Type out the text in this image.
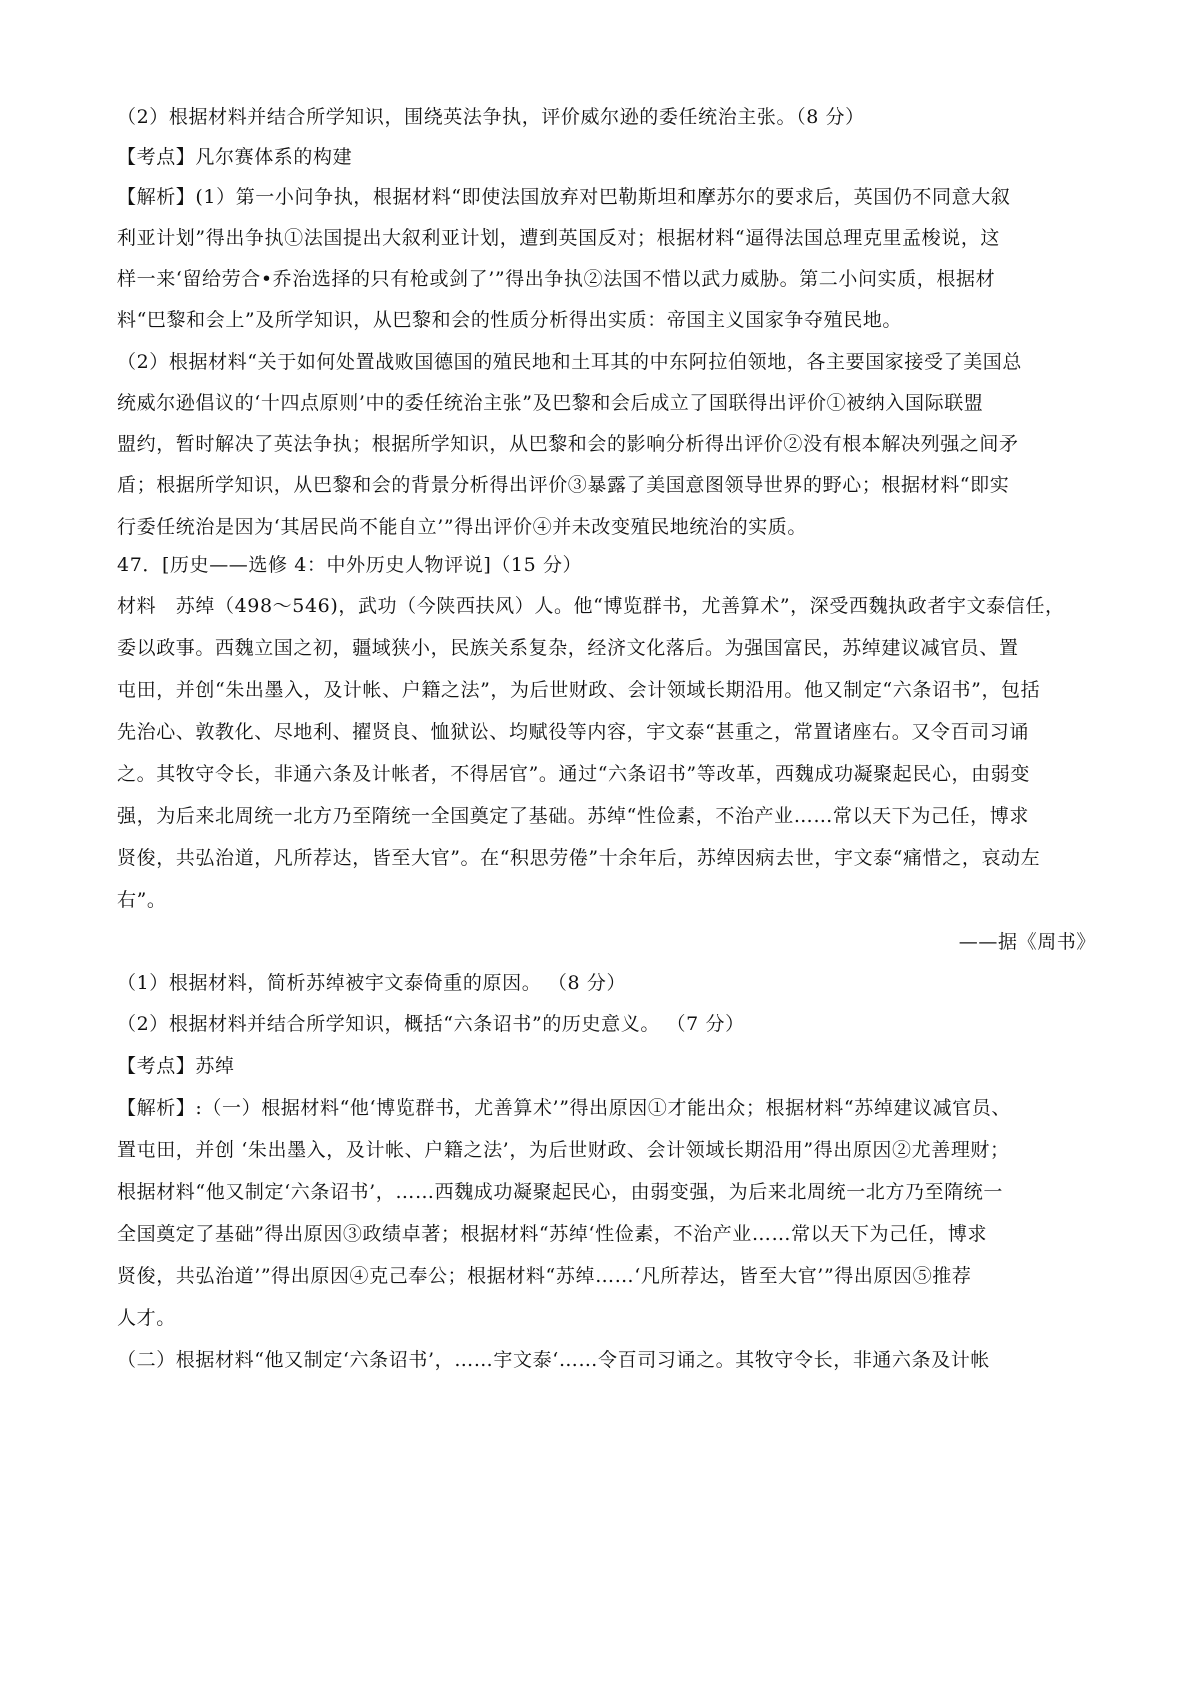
（2）根据材料并结合所学知识，围绕英法争执，评价威尔逊的委任统治主张。（8 分）
【考点】凡尔赛体系的构建
【解析】(1）第一小问争执，根据材料“即使法国放弃对巴勒斯坦和摩苏尔的要求后，英国仍不同意大叙
利亚计划”得出争执①法国提出大叙利亚计划，遭到英国反对；根据材料“逼得法国总理克里孟梭说，这
样一来‘留给劳合•乔治选择的只有枪或剑了’”得出争执②法国不惜以武力威胁。第二小问实质，根据材
料“巴黎和会上”及所学知识，从巴黎和会的性质分析得出实质：帝国主义国家争夺殖民地。
（2）根据材料“关于如何处置战败国德国的殖民地和土耳其的中东阿拉伯领地，各主要国家接受了美国总
统威尔逊倡议的‘十四点原则’中的委任统治主张”及巴黎和会后成立了国联得出评价①被纳入国际联盟
盟约，暂时解决了英法争执；根据所学知识，从巴黎和会的影响分析得出评价②没有根本解决列强之间矛
盾；根据所学知识，从巴黎和会的背景分析得出评价③暴露了美国意图领导世界的野心；根据材料“即实
行委任统治是因为‘其居民尚不能自立’”得出评价④并未改变殖民地统治的实质。
47．[历史——选修 4：中外历史人物评说]（15 分）
材料　苏绰（498～546)，武功（今陕西扶风）人。他“博览群书，尤善算术”，深受西魏执政者宇文泰信任，
委以政事。西魏立国之初，疆域狭小，民族关系复杂，经济文化落后。为强国富民，苏绰建议减官员、置
屯田，并创“朱出墨入，及计帐、户籍之法”，为后世财政、会计领域长期沿用。他又制定“六条诏书”，包括
先治心、敦教化、尽地利、擢贤良、恤狱讼、均赋役等内容，宇文泰“甚重之，常置诸座右。又令百司习诵
之。其牧守令长，非通六条及计帐者，不得居官”。通过“六条诏书”等改革，西魏成功凝聚起民心，由弱变
强，为后来北周统一北方乃至隋统一全国奠定了基础。苏绰“性俭素，不治产业……常以天下为己任，博求
贤俊，共弘治道，凡所荐达，皆至大官”。在“积思劳倦”十余年后，苏绰因病去世，宇文泰“痛惜之，哀动左
右”。
——据《周书》
（1）根据材料，简析苏绰被宇文泰倚重的原因。 （8 分）
（2）根据材料并结合所学知识，概括“六条诏书”的历史意义。 （7 分）
【考点】苏绰
【解析】:（一）根据材料“他‘博览群书，尤善算术’”得出原因①才能出众；根据材料“苏绰建议减官员、
置屯田，并创 ‘朱出墨入，及计帐、户籍之法’，为后世财政、会计领域长期沿用”得出原因②尤善理财；
根据材料“他又制定‘六条诏书’，……西魏成功凝聚起民心，由弱变强，为后来北周统一北方乃至隋统一
全国奠定了基础”得出原因③政绩卓著；根据材料“苏绰‘性俭素，不治产业……常以天下为己任，博求
贤俊，共弘治道’”得出原因④克己奉公；根据材料“苏绰……‘凡所荐达，皆至大官’”得出原因⑤推荐
人才。
（二）根据材料“他又制定‘六条诏书’，……宇文泰‘……令百司习诵之。其牧守令长，非通六条及计帐
